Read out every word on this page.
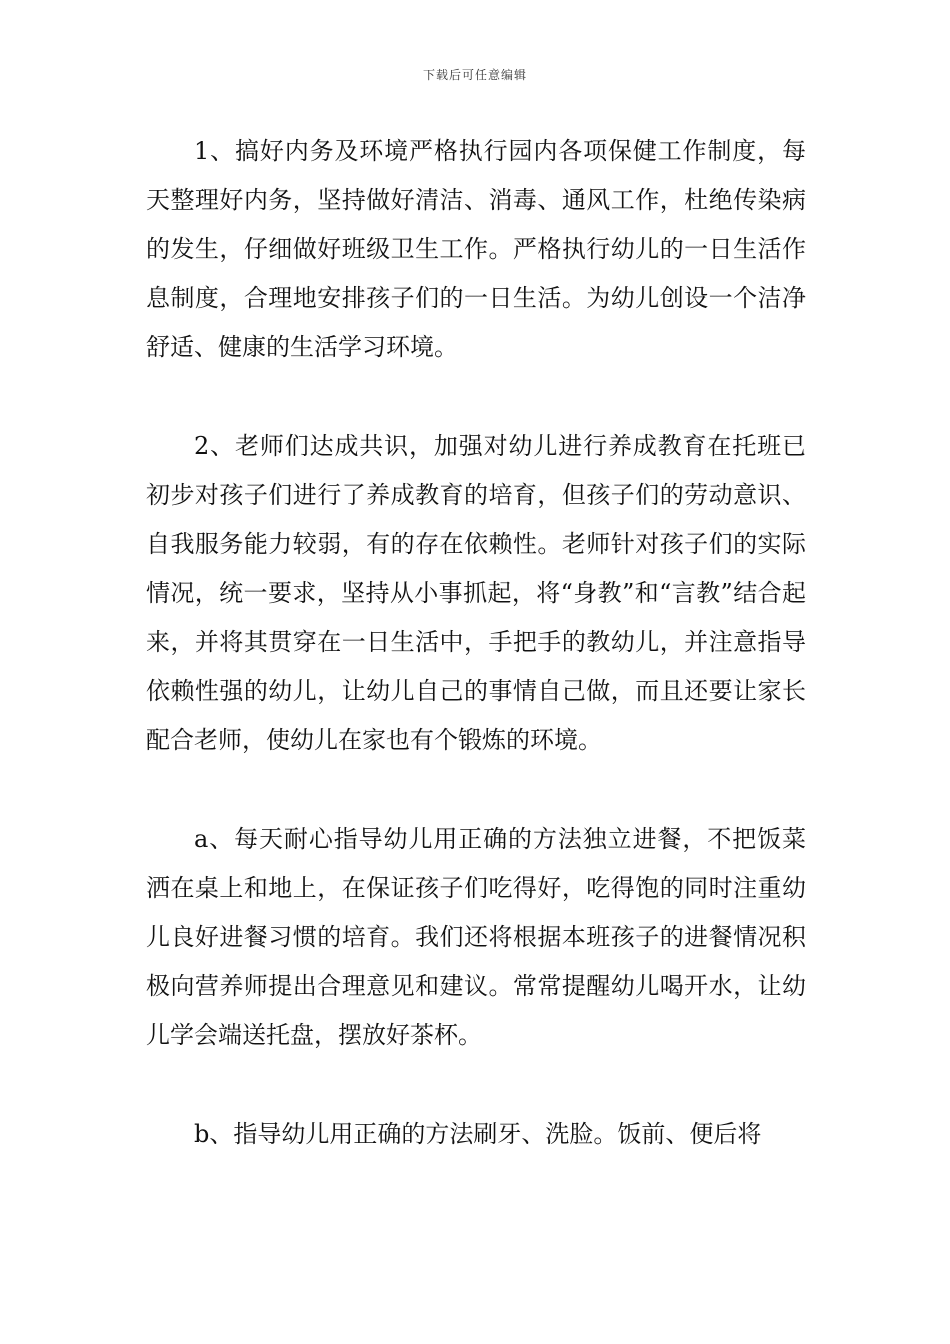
下载后可任意编辑

1、搞好内务及环境严格执行园内各项保健工作制度，每天整理好内务，坚持做好清洁、消毒、通风工作，杜绝传染病的发生，仔细做好班级卫生工作。严格执行幼儿的一日生活作息制度，合理地安排孩子们的一日生活。为幼儿创设一个洁净舒适、健康的生活学习环境。

2、老师们达成共识，加强对幼儿进行养成教育在托班已初步对孩子们进行了养成教育的培育，但孩子们的劳动意识、自我服务能力较弱，有的存在依赖性。老师针对孩子们的实际情况，统一要求，坚持从小事抓起，将“身教”和“言教”结合起来，并将其贯穿在一日生活中，手把手的教幼儿，并注意指导依赖性强的幼儿，让幼儿自己的事情自己做，而且还要让家长配合老师，使幼儿在家也有个锻炼的环境。

a、每天耐心指导幼儿用正确的方法独立进餐，不把饭菜洒在桌上和地上，在保证孩子们吃得好，吃得饱的同时注重幼儿良好进餐习惯的培育。我们还将根据本班孩子的进餐情况积极向营养师提出合理意见和建议。常常提醒幼儿喝开水，让幼儿学会端送托盘，摆放好茶杯。

b、指导幼儿用正确的方法刷牙、洗脸。饭前、便后将
